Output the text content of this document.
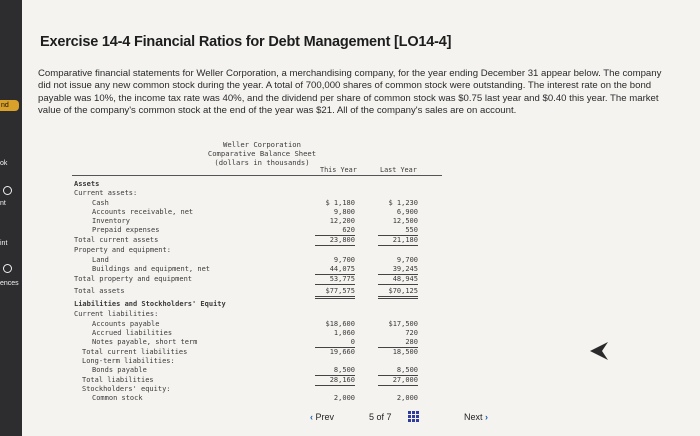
nd
ok
nt
int
ences
Exercise 14-4 Financial Ratios for Debt Management [LO14-4]

Comparative financial statements for Weller Corporation, a merchandising company, for the year ending December 31 appear below. The company did not issue any new common stock during the year. A total of 700,000 shares of common stock were outstanding. The interest rate on the bond payable was 10%, the income tax rate was 40%, and the dividend per share of common stock was $0.75 last year and $0.40 this year. The market value of the company's common stock at the end of the year was $21. All of the company's sales are on account.

Weller Corporation
Comparative Balance Sheet
(dollars in thousands)
This Year	Last Year
Assets
Current assets:
Cash	$ 1,180	$ 1,230
Accounts receivable, net	9,800	6,900
Inventory	12,200	12,500
Prepaid expenses	620	550
Total current assets	23,800	21,180
Property and equipment:
Land	9,700	9,700
Buildings and equipment, net	44,075	39,245
Total property and equipment	53,775	48,945
Total assets	$77,575	$70,125
Liabilities and Stockholders' Equity
Current liabilities:
Accounts payable	$18,600	$17,500
Accrued liabilities	1,060	720
Notes payable, short term	0	280
Total current liabilities	19,660	18,500
Long-term liabilities:
Bonds payable	8,500	8,500
Total liabilities	28,160	27,000
Stockholders' equity:
Common stock	2,000	2,000
‹ Prev	5 of 7	Next ›
